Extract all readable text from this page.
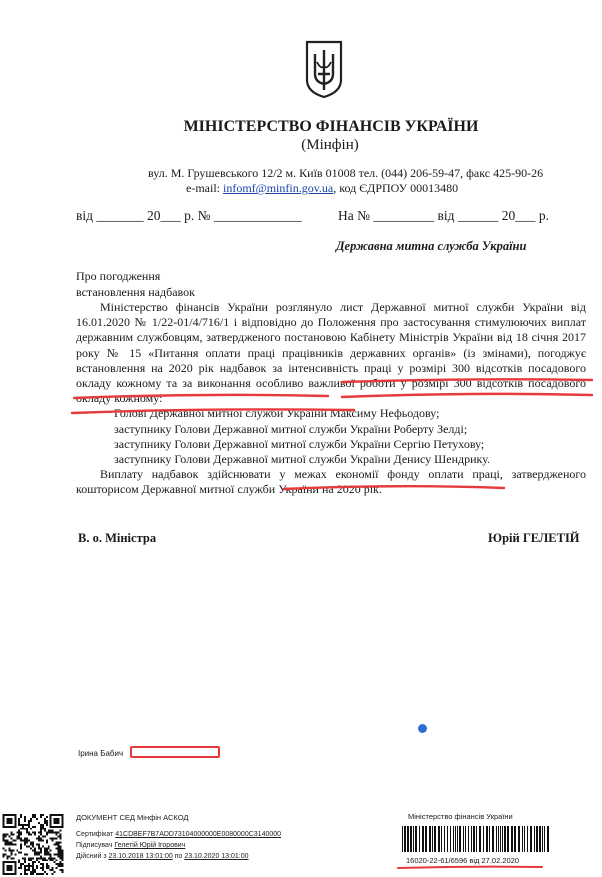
МІНІСТЕРСТВО ФІНАНСІВ УКРАЇНИ
(Мінфін)
вул. М. Грушевського 12/2 м. Київ 01008 тел. (044) 206-59-47, факс 425-90-26
e-mail: infomf@minfin.gov.ua, код ЄДРПОУ 00013480
від _______ 20___ р. № _____________	На № _________ від ______ 20___ р.
Державна митна служба України
Про погодження
встановлення надбавок

Міністерство фінансів України розглянуло лист Державної митної служби України від 16.01.2020 № 1/22-01/4/716/1 і відповідно до Положення про застосування стимулюючих виплат державним службовцям, затвердженого постановою Кабінету Міністрів України від 18 січня 2017 року № 15 «Питання оплати праці працівників державних органів» (із змінами), погоджує встановлення на 2020 рік надбавок за інтенсивність праці у розмірі 300 відсотків посадового окладу кожному та за виконання особливо важливої роботи у розмірі 300 відсотків посадового окладу кожному:

Голові Державної митної служби України Максиму Нефьодову;
заступнику Голови Державної митної служби України Роберту Зелді;
заступнику Голови Державної митної служби України Сергію Петухову;
заступнику Голови Державної митної служби України Денису Шендрику.

Виплату надбавок здійснювати у межах економії фонду оплати праці, затвердженого кошторисом Державної митної служби України на 2020 рік.

В. о. Міністра	Юрій ГЕЛЕТІЙ
Ірина Бабич
ДОКУМЕНТ СЕД Мінфін АСКОД
Сертифікат 41CDBEF7B7ADD73104000000E0080000C3140000
Підписувач Гелетій Юрій Ігорович
Дійсний з 23.10.2018 13:01:00 по 23.10.2020 13:01:00
Міністерство фінансів України
16020-22-61/6596 від 27.02.2020
